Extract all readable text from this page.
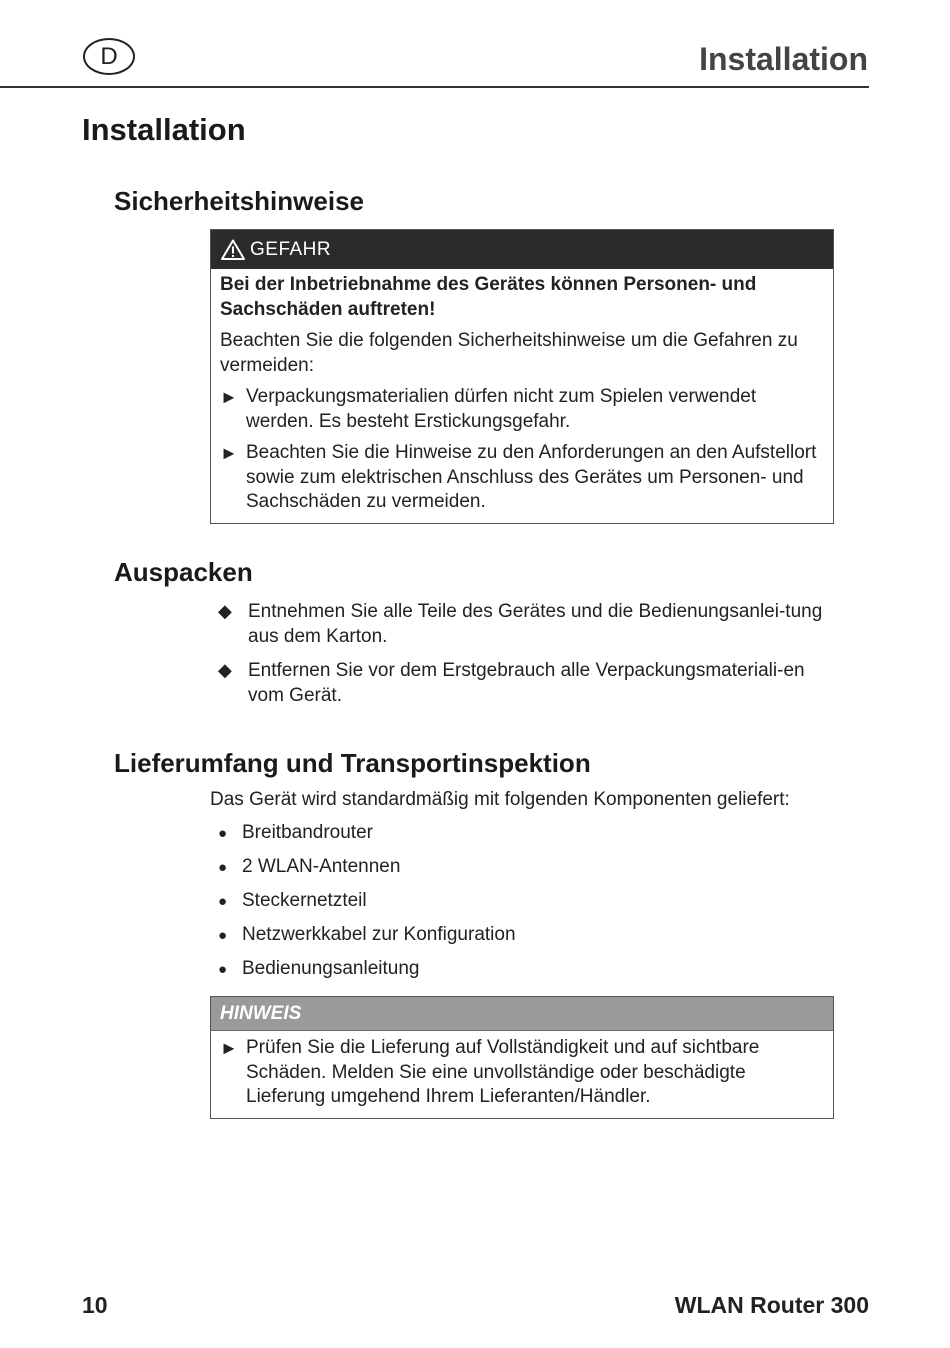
D	Installation
Installation
Sicherheitshinweise
GEFAHR

Bei der Inbetriebnahme des Gerätes können Personen- und Sachschäden auftreten!

Beachten Sie die folgenden Sicherheitshinweise um die Gefahren zu vermeiden:

► Verpackungsmaterialien dürfen nicht zum Spielen verwendet werden. Es besteht Erstickungsgefahr.
► Beachten Sie die Hinweise zu den Anforderungen an den Aufstellort sowie zum elektrischen Anschluss des Gerätes um Personen- und Sachschäden zu vermeiden.
Auspacken
◆ Entnehmen Sie alle Teile des Gerätes und die Bedienungsanlei-tung aus dem Karton.
◆ Entfernen Sie vor dem Erstgebrauch alle Verpackungsmateriali-en vom Gerät.
Lieferumfang und Transportinspektion
Das Gerät wird standardmäßig mit folgenden Komponenten geliefert:
● Breitbandrouter
● 2 WLAN-Antennen
● Steckernetzteil
● Netzwerkkabel zur Konfiguration
● Bedienungsanleitung
HINWEIS
► Prüfen Sie die Lieferung auf Vollständigkeit und auf sichtbare Schäden. Melden Sie eine unvollständige oder beschädigte Lieferung umgehend Ihrem Lieferanten/Händler.
10	WLAN Router 300
